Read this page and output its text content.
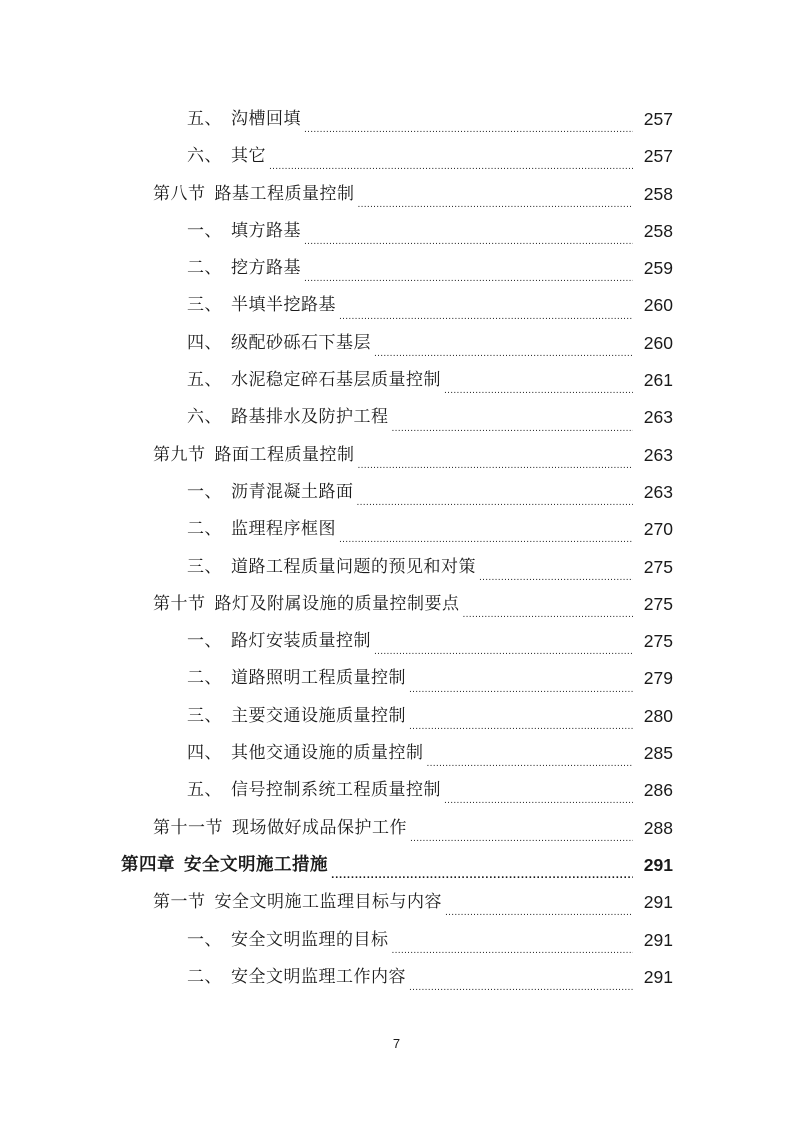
五、 沟槽回填 . . .	257
六、 其它 . . .	257
第八节 路基工程质量控制 . . .	258
一、 填方路基 . . .	258
二、 挖方路基 . . .	259
三、 半填半挖路基 . . .	260
四、 级配砂砾石下基层 . . .	260
五、 水泥稳定碎石基层质量控制 . . .	261
六、 路基排水及防护工程 . . .	263
第九节 路面工程质量控制 . . .	263
一、 沥青混凝土路面 . . .	263
二、 监理程序框图 . . .	270
三、 道路工程质量问题的预见和对策 . . .	275
第十节 路灯及附属设施的质量控制要点 . . .	275
一、 路灯安装质量控制 . . .	275
二、 道路照明工程质量控制 . . .	279
三、 主要交通设施质量控制 . . .	280
四、 其他交通设施的质量控制 . . .	285
五、 信号控制系统工程质量控制 . . .	286
第十一节 现场做好成品保护工作 . . .	288
第四章 安全文明施工措施 . . .	291
第一节 安全文明施工监理目标与内容 . . .	291
一、 安全文明监理的目标 . . .	291
二、 安全文明监理工作内容 . . .	291
7
